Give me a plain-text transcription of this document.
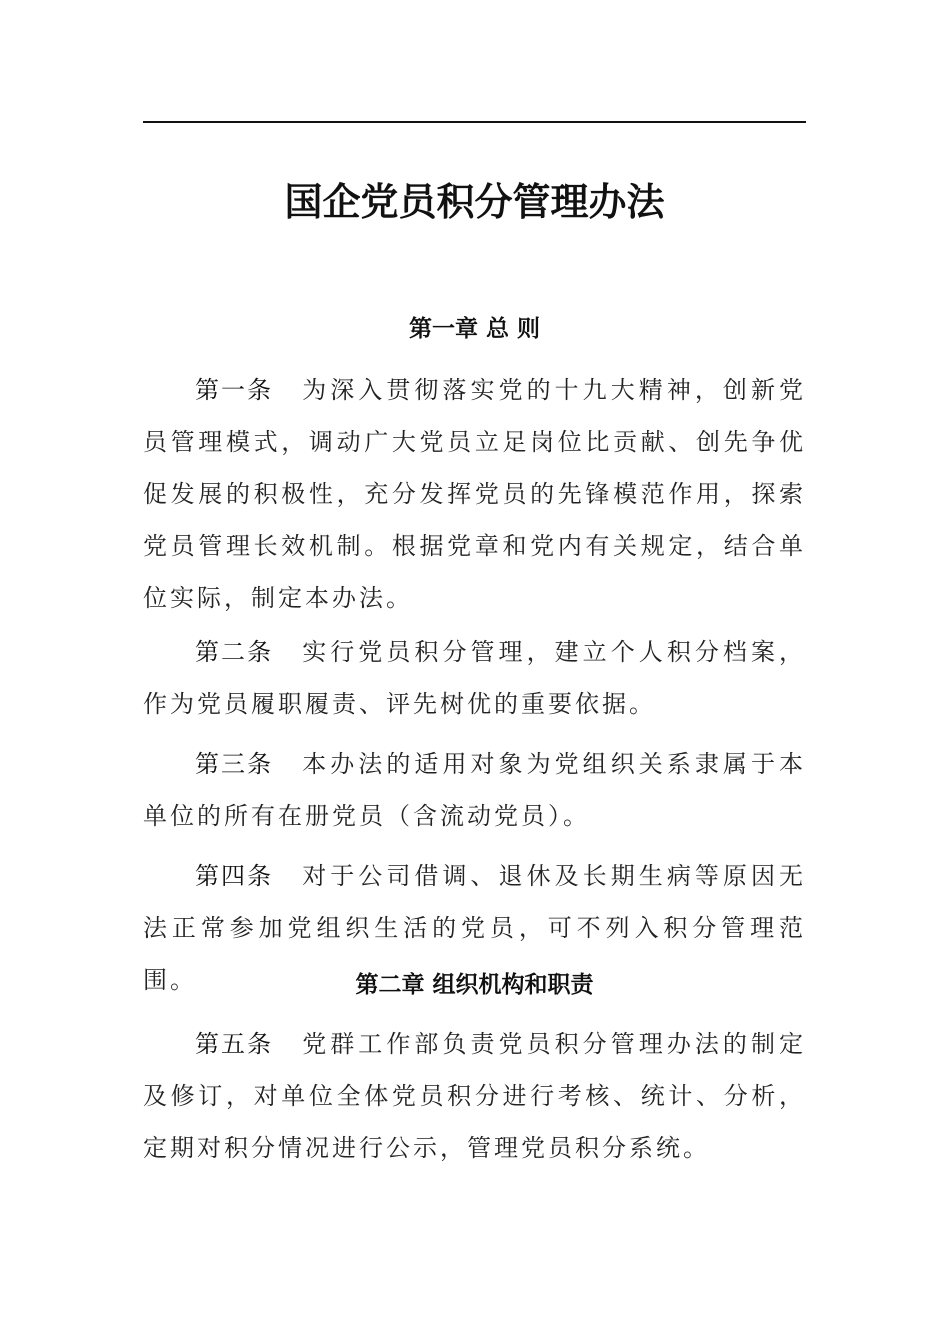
国企党员积分管理办法
第一章 总 则

第一条 为深入贯彻落实党的十九大精神，创新党员管理模式，调动广大党员立足岗位比贡献、创先争优促发展的积极性，充分发挥党员的先锋模范作用，探索党员管理长效机制。根据党章和党内有关规定，结合单位实际，制定本办法。

第二条 实行党员积分管理，建立个人积分档案，作为党员履职履责、评先树优的重要依据。

第三条 本办法的适用对象为党组织关系隶属于本单位的所有在册党员（含流动党员）。

第四条 对于公司借调、退休及长期生病等原因无法正常参加党组织生活的党员，可不列入积分管理范围。	第二章 组织机构和职责

第五条 党群工作部负责党员积分管理办法的制定及修订，对单位全体党员积分进行考核、统计、分析，定期对积分情况进行公示，管理党员积分系统。
